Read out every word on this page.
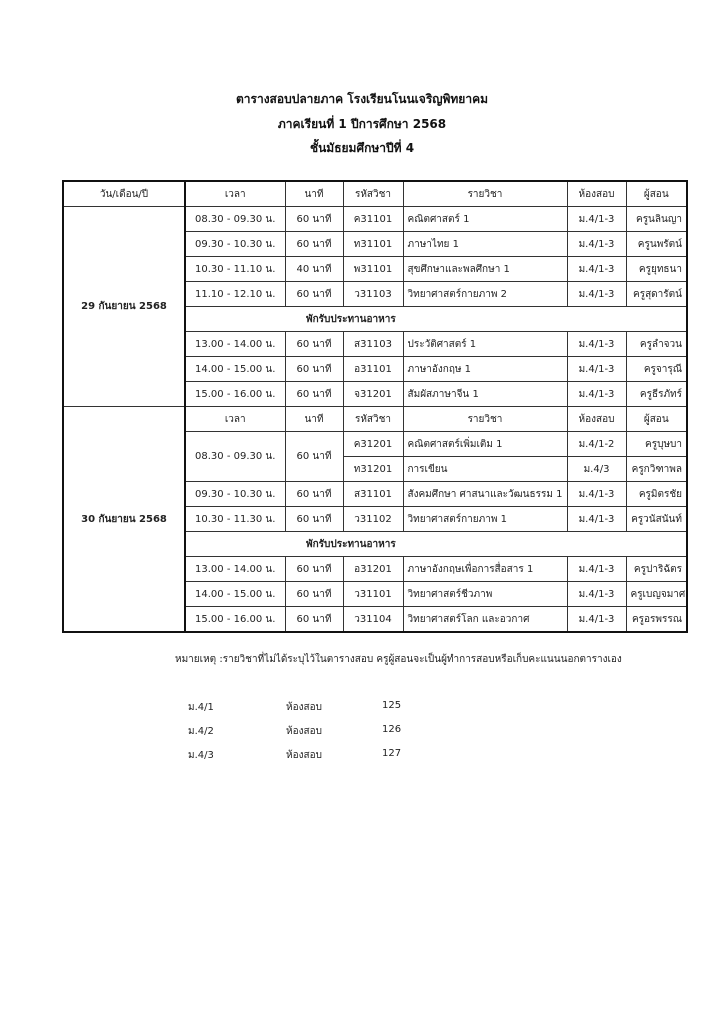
ตารางสอบปลายภาค โรงเรียนโนนเจริญพิทยาคม
ภาคเรียนที่ 1 ปีการศึกษา 2568
ชั้นมัธยมศึกษาปีที่ 4
วัน/เดือน/ปี	เวลา	นาที	รหัสวิชา	รายวิชา	ห้องสอบ	ผู้สอน
29 กันยายน 2568	08.30 - 09.30 น.	60 นาที	ค31101	คณิตศาสตร์ 1	ม.4/1-3	ครูนลินญา
	09.30 - 10.30 น.	60 นาที	ท31101	ภาษาไทย 1	ม.4/1-3	ครูนพรัตน์
	10.30 - 11.10 น.	40 นาที	พ31101	สุขศึกษาและพลศึกษา 1	ม.4/1-3	ครูยุทธนา
	11.10 - 12.10 น.	60 นาที	ว31103	วิทยาศาสตร์กายภาพ 2	ม.4/1-3	ครูสุดารัตน์
	พักรับประทานอาหาร					
	13.00 - 14.00 น.	60 นาที	ส31103	ประวัติศาสตร์ 1	ม.4/1-3	ครูลำจวน
	14.00 - 15.00 น.	60 นาที	อ31101	ภาษาอังกฤษ 1	ม.4/1-3	ครูจารุณี
	15.00 - 16.00 น.	60 นาที	จ31201	สัมผัสภาษาจีน 1	ม.4/1-3	ครูธีรภัทร์
30 กันยายน 2568	เวลา	นาที	รหัสวิชา	รายวิชา	ห้องสอบ	ผู้สอน
	08.30 - 09.30 น.	60 นาที	ค31201	คณิตศาสตร์เพิ่มเติม 1	ม.4/1-2	ครูบุษบา
			ท31201	การเขียน	ม.4/3	ครูกวิฑาพล
	09.30 - 10.30 น.	60 นาที	ส31101	สังคมศึกษา ศาสนาและวัฒนธรรม 1	ม.4/1-3	ครูมิตรชัย
	10.30 - 11.30 น.	60 นาที	ว31102	วิทยาศาสตร์กายภาพ 1	ม.4/1-3	ครูวนัสนันท์
	พักรับประทานอาหาร					
	13.00 - 14.00 น.	60 นาที	อ31201	ภาษาอังกฤษเพื่อการสื่อสาร 1	ม.4/1-3	ครูปาริฉัตร
	14.00 - 15.00 น.	60 นาที	ว31101	วิทยาศาสตร์ชีวภาพ	ม.4/1-3	ครูเบญจมาศ
	15.00 - 16.00 น.	60 นาที	ว31104	วิทยาศาสตร์โลก และอวกาศ	ม.4/1-3	ครูอรพรรณ
หมายเหตุ :รายวิชาที่ไม่ได้ระบุไว้ในตารางสอบ ครูผู้สอนจะเป็นผู้ทำการสอบหรือเก็บคะแนนนอกตารางเอง
ม.4/1	ห้องสอบ	125
ม.4/2	ห้องสอบ	126
ม.4/3	ห้องสอบ	127
